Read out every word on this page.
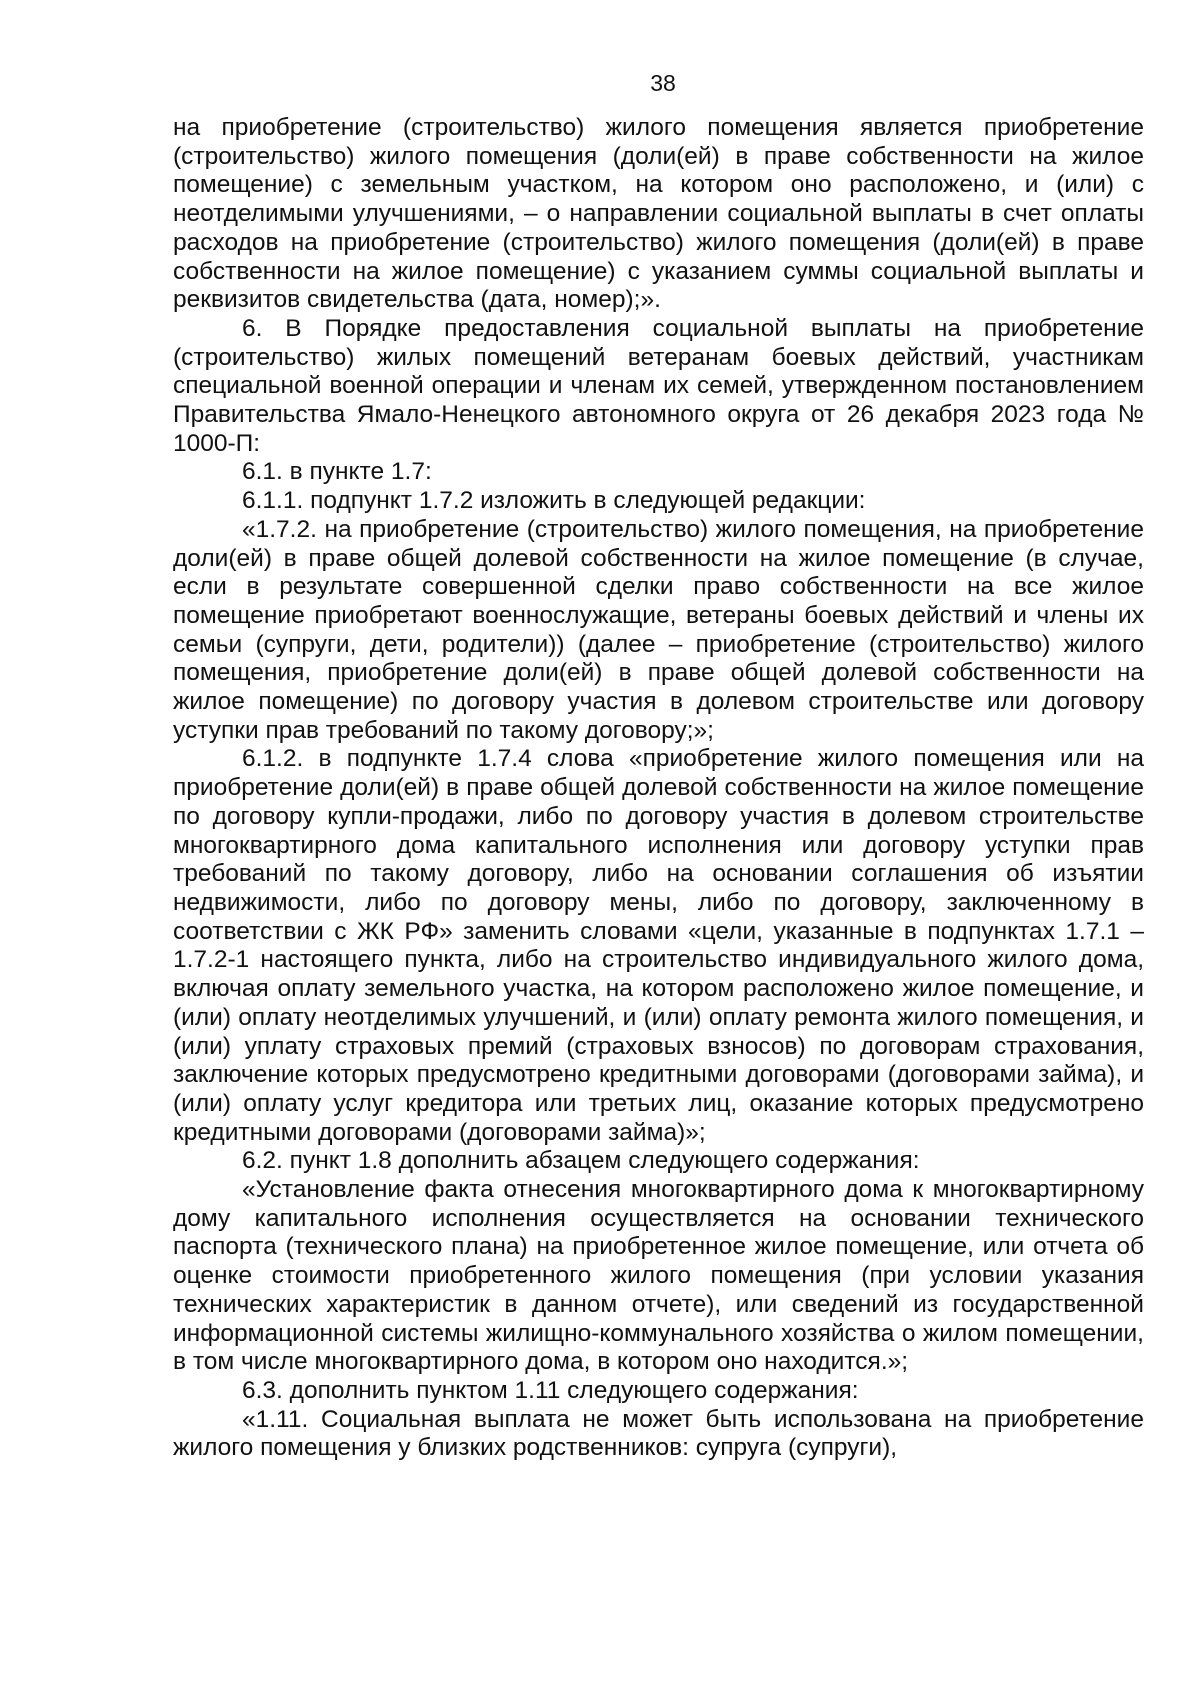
38

на приобретение (строительство) жилого помещения является приобретение (строительство) жилого помещения (доли(ей) в праве собственности на жилое помещение) с земельным участком, на котором оно расположено, и (или) с неотделимыми улучшениями, – о направлении социальной выплаты в счет оплаты расходов на приобретение (строительство) жилого помещения (доли(ей) в праве собственности на жилое помещение) с указанием суммы социальной выплаты и реквизитов свидетельства (дата, номер);».

6. В Порядке предоставления социальной выплаты на приобретение (строительство) жилых помещений ветеранам боевых действий, участникам специальной военной операции и членам их семей, утвержденном постановлением Правительства Ямало-Ненецкого автономного округа от 26 декабря 2023 года № 1000-П:

6.1. в пункте 1.7:

6.1.1. подпункт 1.7.2 изложить в следующей редакции:

«1.7.2. на приобретение (строительство) жилого помещения, на приобретение доли(ей) в праве общей долевой собственности на жилое помещение (в случае, если в результате совершенной сделки право собственности на все жилое помещение приобретают военнослужащие, ветераны боевых действий и члены их семьи (супруги, дети, родители)) (далее – приобретение (строительство) жилого помещения, приобретение доли(ей) в праве общей долевой собственности на жилое помещение) по договору участия в долевом строительстве или договору уступки прав требований по такому договору;»;

6.1.2. в подпункте 1.7.4 слова «приобретение жилого помещения или на приобретение доли(ей) в праве общей долевой собственности на жилое помещение по договору купли-продажи, либо по договору участия в долевом строительстве многоквартирного дома капитального исполнения или договору уступки прав требований по такому договору, либо на основании соглашения об изъятии недвижимости, либо по договору мены, либо по договору, заключенному в соответствии с ЖК РФ» заменить словами «цели, указанные в подпунктах 1.7.1 – 1.7.2-1 настоящего пункта, либо на строительство индивидуального жилого дома, включая оплату земельного участка, на котором расположено жилое помещение, и (или) оплату неотделимых улучшений, и (или) оплату ремонта жилого помещения, и (или) уплату страховых премий (страховых взносов) по договорам страхования, заключение которых предусмотрено кредитными договорами (договорами займа), и (или) оплату услуг кредитора или третьих лиц, оказание которых предусмотрено кредитными договорами (договорами займа)»;

6.2. пункт 1.8 дополнить абзацем следующего содержания:

«Установление факта отнесения многоквартирного дома к многоквартирному дому капитального исполнения осуществляется на основании технического паспорта (технического плана) на приобретенное жилое помещение, или отчета об оценке стоимости приобретенного жилого помещения (при условии указания технических характеристик в данном отчете), или сведений из государственной информационной системы жилищно-коммунального хозяйства о жилом помещении, в том числе многоквартирного дома, в котором оно находится.»;

6.3. дополнить пунктом 1.11 следующего содержания:

«1.11. Социальная выплата не может быть использована на приобретение жилого помещения у близких родственников: супруга (супруги),
